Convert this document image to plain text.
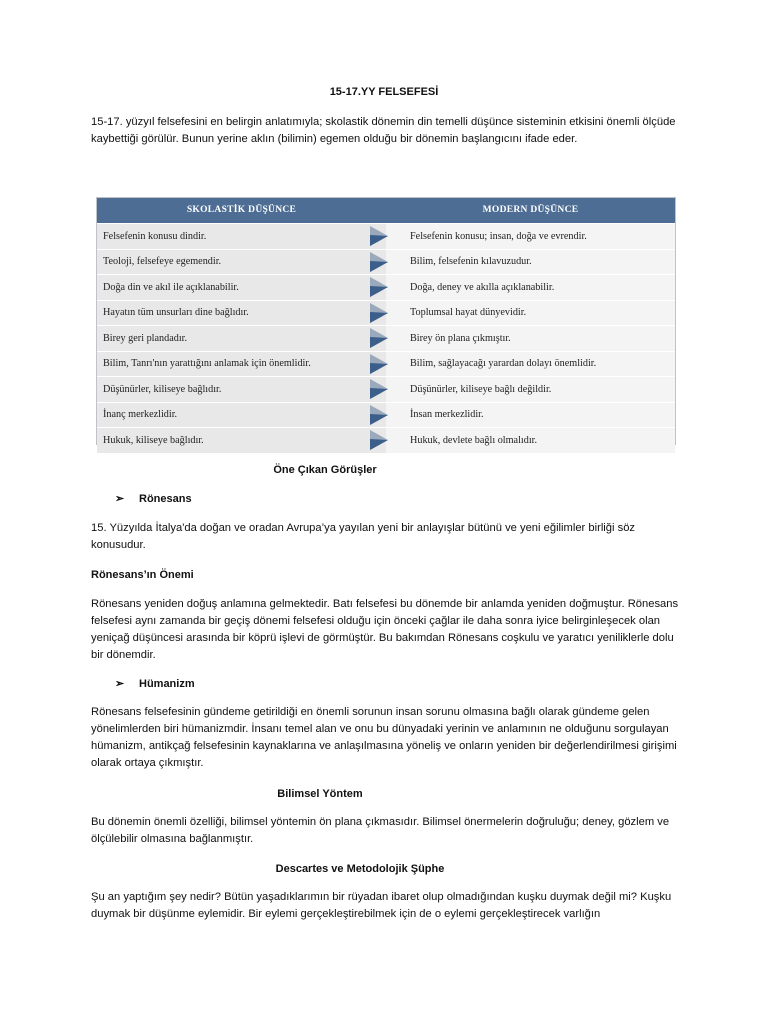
15-17.YY FELSEFESİ

15-17. yüzyıl felsefesini en belirgin anlatımıyla; skolastik dönemin din temelli düşünce sisteminin etkisini önemli ölçüde kaybettiği görülür. Bunun yerine aklın (bilimin) egemen olduğu bir dönemin başlangıcını ifade eder.

SKOLASTİK DÜŞÜNCE	MODERN DÜŞÜNCE
Felsefenin konusu dindir.	Felsefenin konusu; insan, doğa ve evrendir.
Teoloji, felsefeye egemendir.	Bilim, felsefenin kılavuzudur.
Doğa din ve akıl ile açıklanabilir.	Doğa, deney ve akılla açıklanabilir.
Hayatın tüm unsurları dine bağlıdır.	Toplumsal hayat dünyevidir.
Birey geri plandadır.	Birey ön plana çıkmıştır.
Bilim, Tanrı'nın yarattığını anlamak için önemlidir.	Bilim, sağlayacağı yarardan dolayı önemlidir.
Düşünürler, kiliseye bağlıdır.	Düşünürler, kiliseye bağlı değildir.
İnanç merkezlidir.	İnsan merkezlidir.
Hukuk, kiliseye bağlıdır.	Hukuk, devlete bağlı olmalıdır.
Öne Çıkan Görüşler
➢ Rönesans

15. Yüzyılda İtalya'da doğan ve oradan Avrupa’ya yayılan yeni bir anlayışlar bütünü ve yeni eğilimler birliği söz konusudur.

Rönesans’ın Önemi

Rönesans yeniden doğuş anlamına gelmektedir. Batı felsefesi bu dönemde bir anlamda yeniden doğmuştur. Rönesans felsefesi aynı zamanda bir geçiş dönemi felsefesi olduğu için önceki çağlar ile daha sonra iyice belirginleşecek olan yeniçağ düşüncesi arasında bir köprü işlevi de görmüştür. Bu bakımdan Rönesans coşkulu ve yaratıcı yeniliklerle dolu bir dönemdir.

➢ Hümanizm

Rönesans felsefesinin gündeme getirildiği en önemli sorunun insan sorunu olmasına bağlı olarak gündeme gelen yönelimlerden biri hümanizmdir. İnsanı temel alan ve onu bu dünyadaki yerinin ve anlamının ne olduğunu sorgulayan hümanizm, antikçağ felsefesinin kaynaklarına ve anlaşılmasına yöneliş ve onların yeniden bir değerlendirilmesi girişimi olarak ortaya çıkmıştır.

Bilimsel Yöntem

Bu dönemin önemli özelliği, bilimsel yöntemin ön plana çıkmasıdır. Bilimsel önermelerin doğruluğu; deney, gözlem ve ölçülebilir olmasına bağlanmıştır.

Descartes ve Metodolojik Şüphe

Şu an yaptığım şey nedir? Bütün yaşadıklarımın bir rüyadan ibaret olup olmadığından kuşku duymak değil mi? Kuşku duymak bir düşünme eylemidir. Bir eylemi gerçekleştirebilmek için de o eylemi gerçekleştirecek varlığın
